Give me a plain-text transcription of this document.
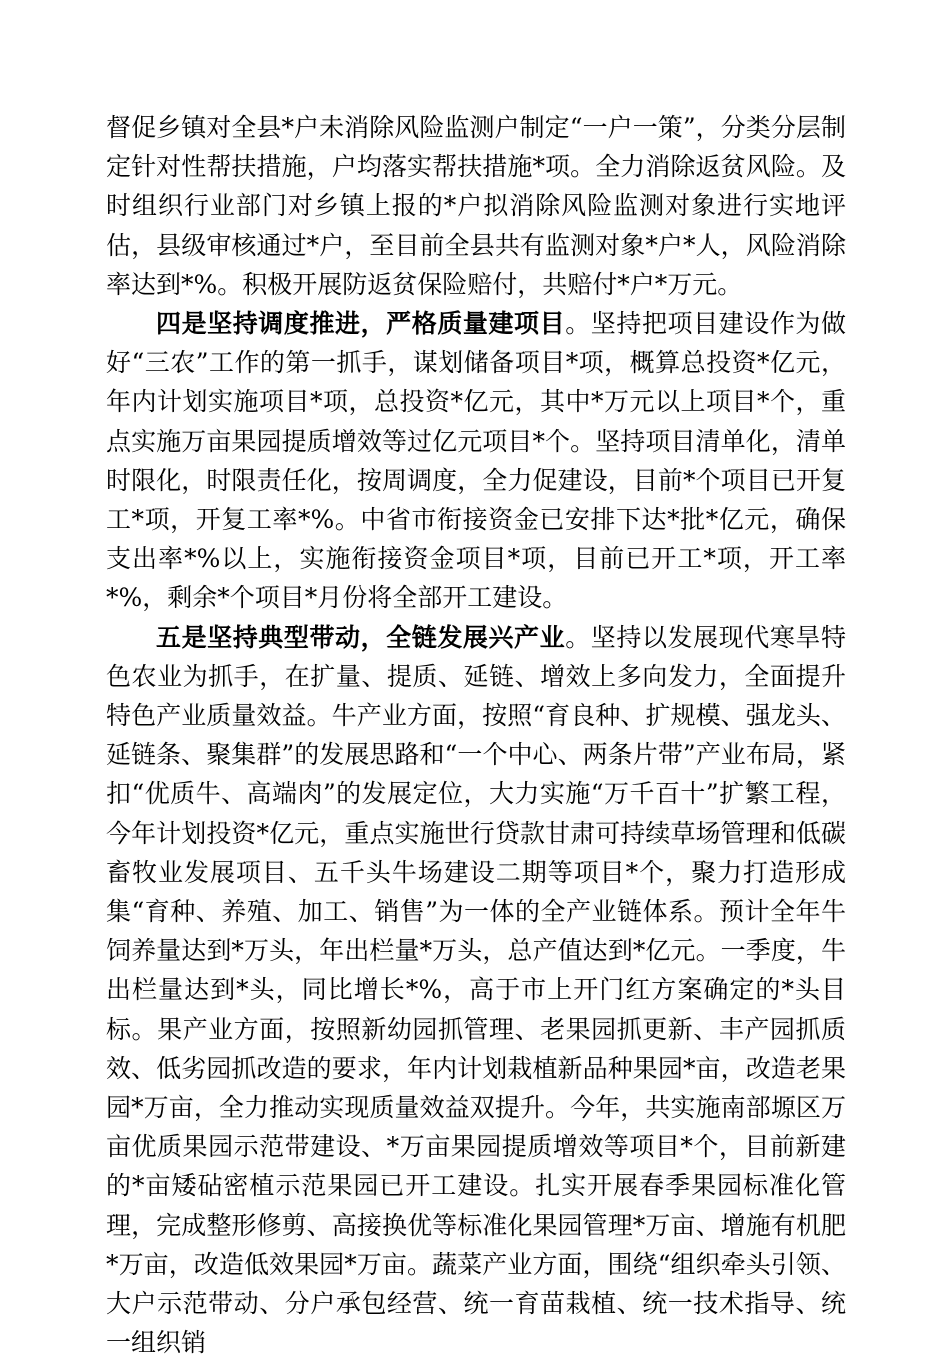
督促乡镇对全县*户未消除风险监测户制定“一户一策”，分类分层制定针对性帮扶措施，户均落实帮扶措施*项。全力消除返贫风险。及时组织行业部门对乡镇上报的*户拟消除风险监测对象进行实地评估，县级审核通过*户，至目前全县共有监测对象*户*人，风险消除率达到*%。积极开展防返贫保险赔付，共赔付*户*万元。

四是坚持调度推进，严格质量建项目。坚持把项目建设作为做好“三农”工作的第一抓手，谋划储备项目*项，概算总投资*亿元，年内计划实施项目*项，总投资*亿元，其中*万元以上项目*个，重点实施万亩果园提质增效等过亿元项目*个。坚持项目清单化，清单时限化，时限责任化，按周调度，全力促建设，目前*个项目已开复工*项，开复工率*%。中省市衔接资金已安排下达*批*亿元，确保支出率*%以上，实施衔接资金项目*项，目前已开工*项，开工率*%，剩余*个项目*月份将全部开工建设。

五是坚持典型带动，全链发展兴产业。坚持以发展现代寒旱特色农业为抓手，在扩量、提质、延链、增效上多向发力，全面提升特色产业质量效益。牛产业方面，按照“育良种、扩规模、强龙头、延链条、聚集群”的发展思路和“一个中心、两条片带”产业布局，紧扣“优质牛、高端肉”的发展定位，大力实施“万千百十”扩繁工程，今年计划投资*亿元，重点实施世行贷款甘肃可持续草场管理和低碳畜牧业发展项目、五千头牛场建设二期等项目*个，聚力打造形成集“育种、养殖、加工、销售”为一体的全产业链体系。预计全年牛饲养量达到*万头，年出栏量*万头，总产值达到*亿元。一季度，牛出栏量达到*头，同比增长*%，高于市上开门红方案确定的*头目标。果产业方面，按照新幼园抓管理、老果园抓更新、丰产园抓质效、低劣园抓改造的要求，年内计划栽植新品种果园*亩，改造老果园*万亩，全力推动实现质量效益双提升。今年，共实施南部塬区万亩优质果园示范带建设、*万亩果园提质增效等项目*个，目前新建的*亩矮砧密植示范果园已开工建设。扎实开展春季果园标准化管理，完成整形修剪、高接换优等标准化果园管理*万亩、增施有机肥*万亩，改造低效果园*万亩。蔬菜产业方面，围绕“组织牵头引领、大户示范带动、分户承包经营、统一育苗栽植、统一技术指导、统一组织销
